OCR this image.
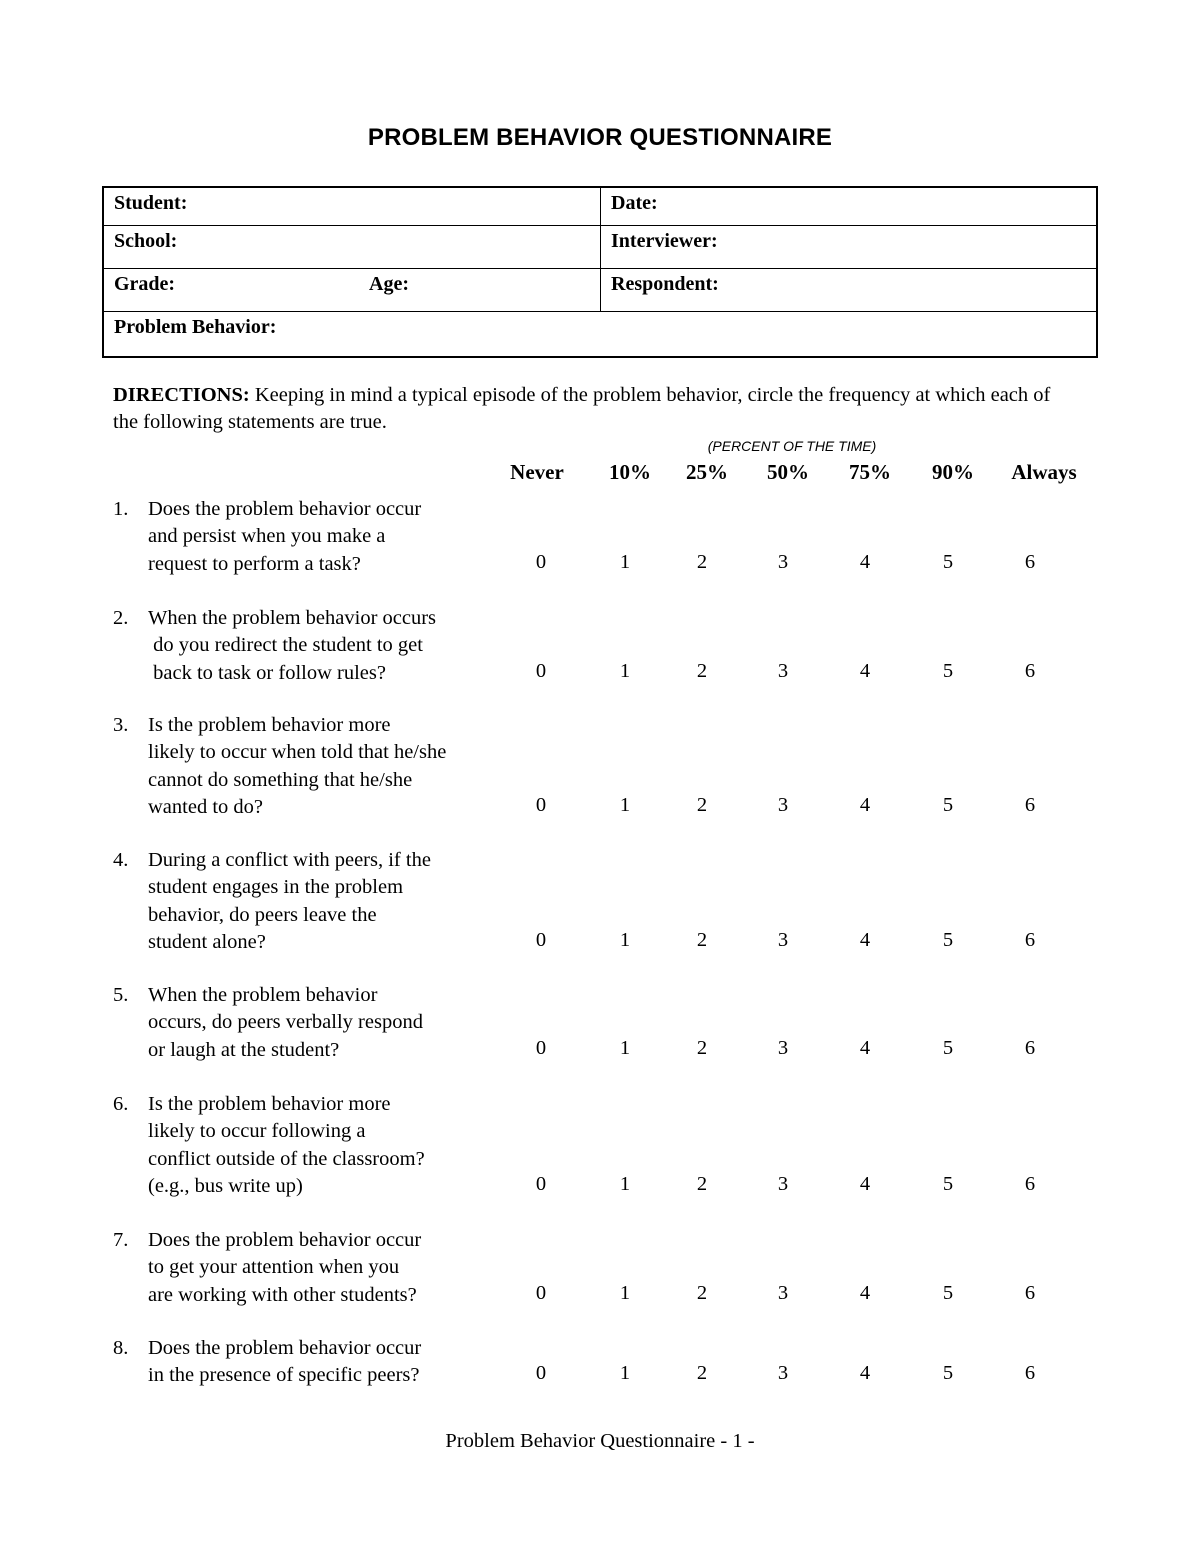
PROBLEM BEHAVIOR QUESTIONNAIRE
Student:	Date:
School:	Interviewer:
Grade:	Age:	Respondent:
Problem Behavior:
DIRECTIONS: Keeping in mind a typical episode of the problem behavior, circle the frequency at which each of the following statements are true.
(PERCENT OF THE TIME)
Never 10% 25% 50% 75% 90% Always
1. Does the problem behavior occur
and persist when you make a
request to perform a task?	0	1	2	3	4	5	6
2. When the problem behavior occurs
do you redirect the student to get
back to task or follow rules?	0	1	2	3	4	5	6
3. Is the problem behavior more
likely to occur when told that he/she
cannot do something that he/she
wanted to do?	0	1	2	3	4	5	6
4. During a conflict with peers, if the
student engages in the problem
behavior, do peers leave the
student alone?	0	1	2	3	4	5	6
5. When the problem behavior
occurs, do peers verbally respond
or laugh at the student?	0	1	2	3	4	5	6
6. Is the problem behavior more
likely to occur following a
conflict outside of the classroom?
(e.g., bus write up)	0	1	2	3	4	5	6
7. Does the problem behavior occur
to get your attention when you
are working with other students?	0	1	2	3	4	5	6
8. Does the problem behavior occur
in the presence of specific peers?	0	1	2	3	4	5	6
Problem Behavior Questionnaire - 1 -
